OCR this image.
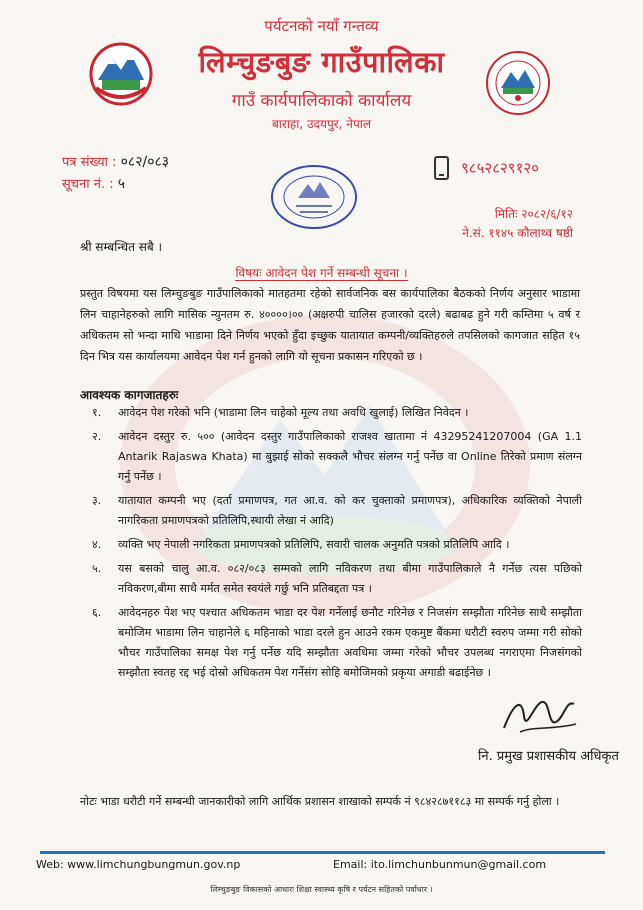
पर्यटनको नयाँ गन्तव्य
लिम्चुङबुङ गाउँपालिका
गाउँ कार्यपालिकाको कार्यालय
बाराहा, उदयपुर, नेपाल
पत्र संख्या : ०८२/०८३
सूचना नं. : ५
९८५२८२९१२०
मितिः २०८२/६/१२
ने.सं. ११४५ कौलाथ्व षष्ठी
श्री सम्बन्धित सबै ।
विषयः आवेदन पेश गर्ने सम्बन्धी सूचना ।
प्रस्तुत विषयमा यस लिम्चुङबुङ गाउँपालिकाको मातहतमा रहेको सार्वजनिक बस कार्यपालिका बैठकको निर्णय अनुसार भाडामा लिन चाहानेहरुको लागि मासिक न्युनतम रु. ४००००।०० (अक्षरुपी चालिस हजारको दरले) बढाबढ हुने गरी कम्तिमा ५ वर्ष र अधिकतम सो भन्दा माथि भाडामा दिने निर्णय भएको हुँदा इच्छुक यातायात कम्पनी/व्यक्तिहरुले तपसिलको कागजात सहित १५ दिन भित्र यस कार्यालयमा आवेदन पेश गर्न हुनको लागि यो सूचना प्रकासन गरिएको छ ।
आवश्यक कागजातहरुः
१.	आवेदन पेश गरेको भनि (भाडामा लिन चाहेको मूल्य तथा अवधि खुलाई) लिखित निवेदन ।
२.	आवेदन दस्तुर रु. ५०० (आवेदन दस्तुर गाउँपालिकाको राजश्व खातामा नं 43295241207004 (GA 1.1 Antarik Rajaswa Khata) मा बुझाई सोको सक्कलै भौचर संलग्न गर्नु पर्नेछ वा Online तिरेको प्रमाण संलग्न गर्नु पर्नेछ ।
३.	यातायात कम्पनी भए (दर्ता प्रमाणपत्र, गत आ.व. को कर चुक्ताको प्रमाणपत्र), अधिकारिक व्यक्तिको नेपाली नागरिकता प्रमाणपत्रको प्रतिलिपि,स्थायी लेखा नं आदि)
४.	व्यक्ति भए नेपाली नगरिकता प्रमाणपत्रको प्रतिलिपि, सवारी चालक अनुमति पत्रको प्रतिलिपि आदि ।
५.	यस बसको चालु आ.व. ०८२/०८३ सम्मको लागि नविकरण तथा बीमा गाउँपालिकाले नै गर्नेछ त्यस पछिको नविकरण,बीमा साथै मर्मत समेत स्वयंले गर्छु भनि प्रतिबद्दता पत्र ।
६.	आवेदनहरु पेश भए पश्चात अधिकतम भाडा दर पेश गर्नेलाई छनौट गरिनेछ र निजसंग सम्झौता गरिनेछ साथै सम्झौता बमोजिम भाडामा लिन चाहानेले ६ महिनाको भाडा दरले हुन आउने रकम एकमुष्ट बैंकमा धरौटी स्वरुप जम्मा गरी सोको भौचर गाउँपालिका समक्ष पेश गर्नु पर्नेछ यदि सम्झौता अवधिमा जम्मा गरेको भौचर उपलब्ध नगराएमा निजसंगको सम्झौता स्वतह रद्द भई दोस्रो अधिकतम पेश गर्नेसंग सोहि बमोजिमको प्रकृया अगाडी बढाईनेछ ।
नि. प्रमुख प्रशासकीय अधिकृत
नोटः भाडा धरौटी गर्ने सम्बन्धी जानकारीको लागि आर्थिक प्रशासन शाखाको सम्पर्क नं ९८४२८७११८३ मा सम्पर्क गर्नु होला ।
Web: www.limchungbungmun.gov.np	Email: ito.limchunbunmun@gmail.com
लिम्चुङबुङ विकासको आधारः शिक्षा स्वास्थ्य कृषि र पर्यटन सहितको पर्वाधार ।
